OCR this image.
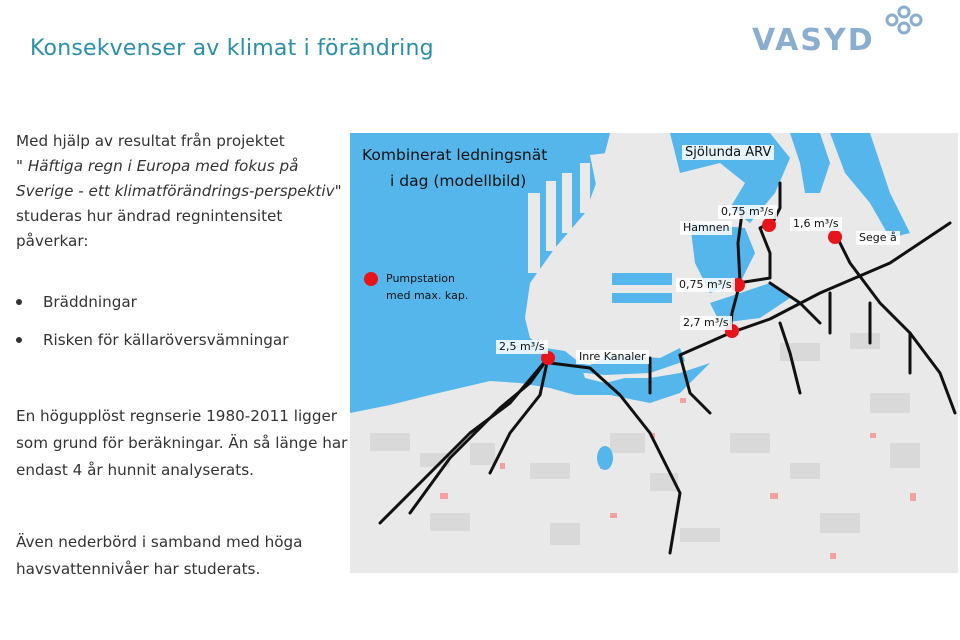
Konsekvenser av klimat i förändring	VASYD
Med hjälp av resultat från projektet
" Häftiga regn i Europa med fokus på Sverige - ett klimatförändrings-perspektiv" studeras hur ändrad regnintensitet påverkar:
Bräddningar
Risken för källaröversvämningar
En högupplöst regnserie 1980-2011 ligger som grund för beräkningar. Än så länge har endast 4 år hunnit analyserats.
Även nederbörd i samband med höga havsvattennivåer har studerats.
Kombinerat ledningsnät
i dag (modellbild)
Pumpstation
med max. kap.
Sjölunda ARV
Hamnen
Sege å
Inre Kanaler
0,75 m³/s
1,6 m³/s
0,75 m³/s
2,7 m³/s
2,5 m³/s
